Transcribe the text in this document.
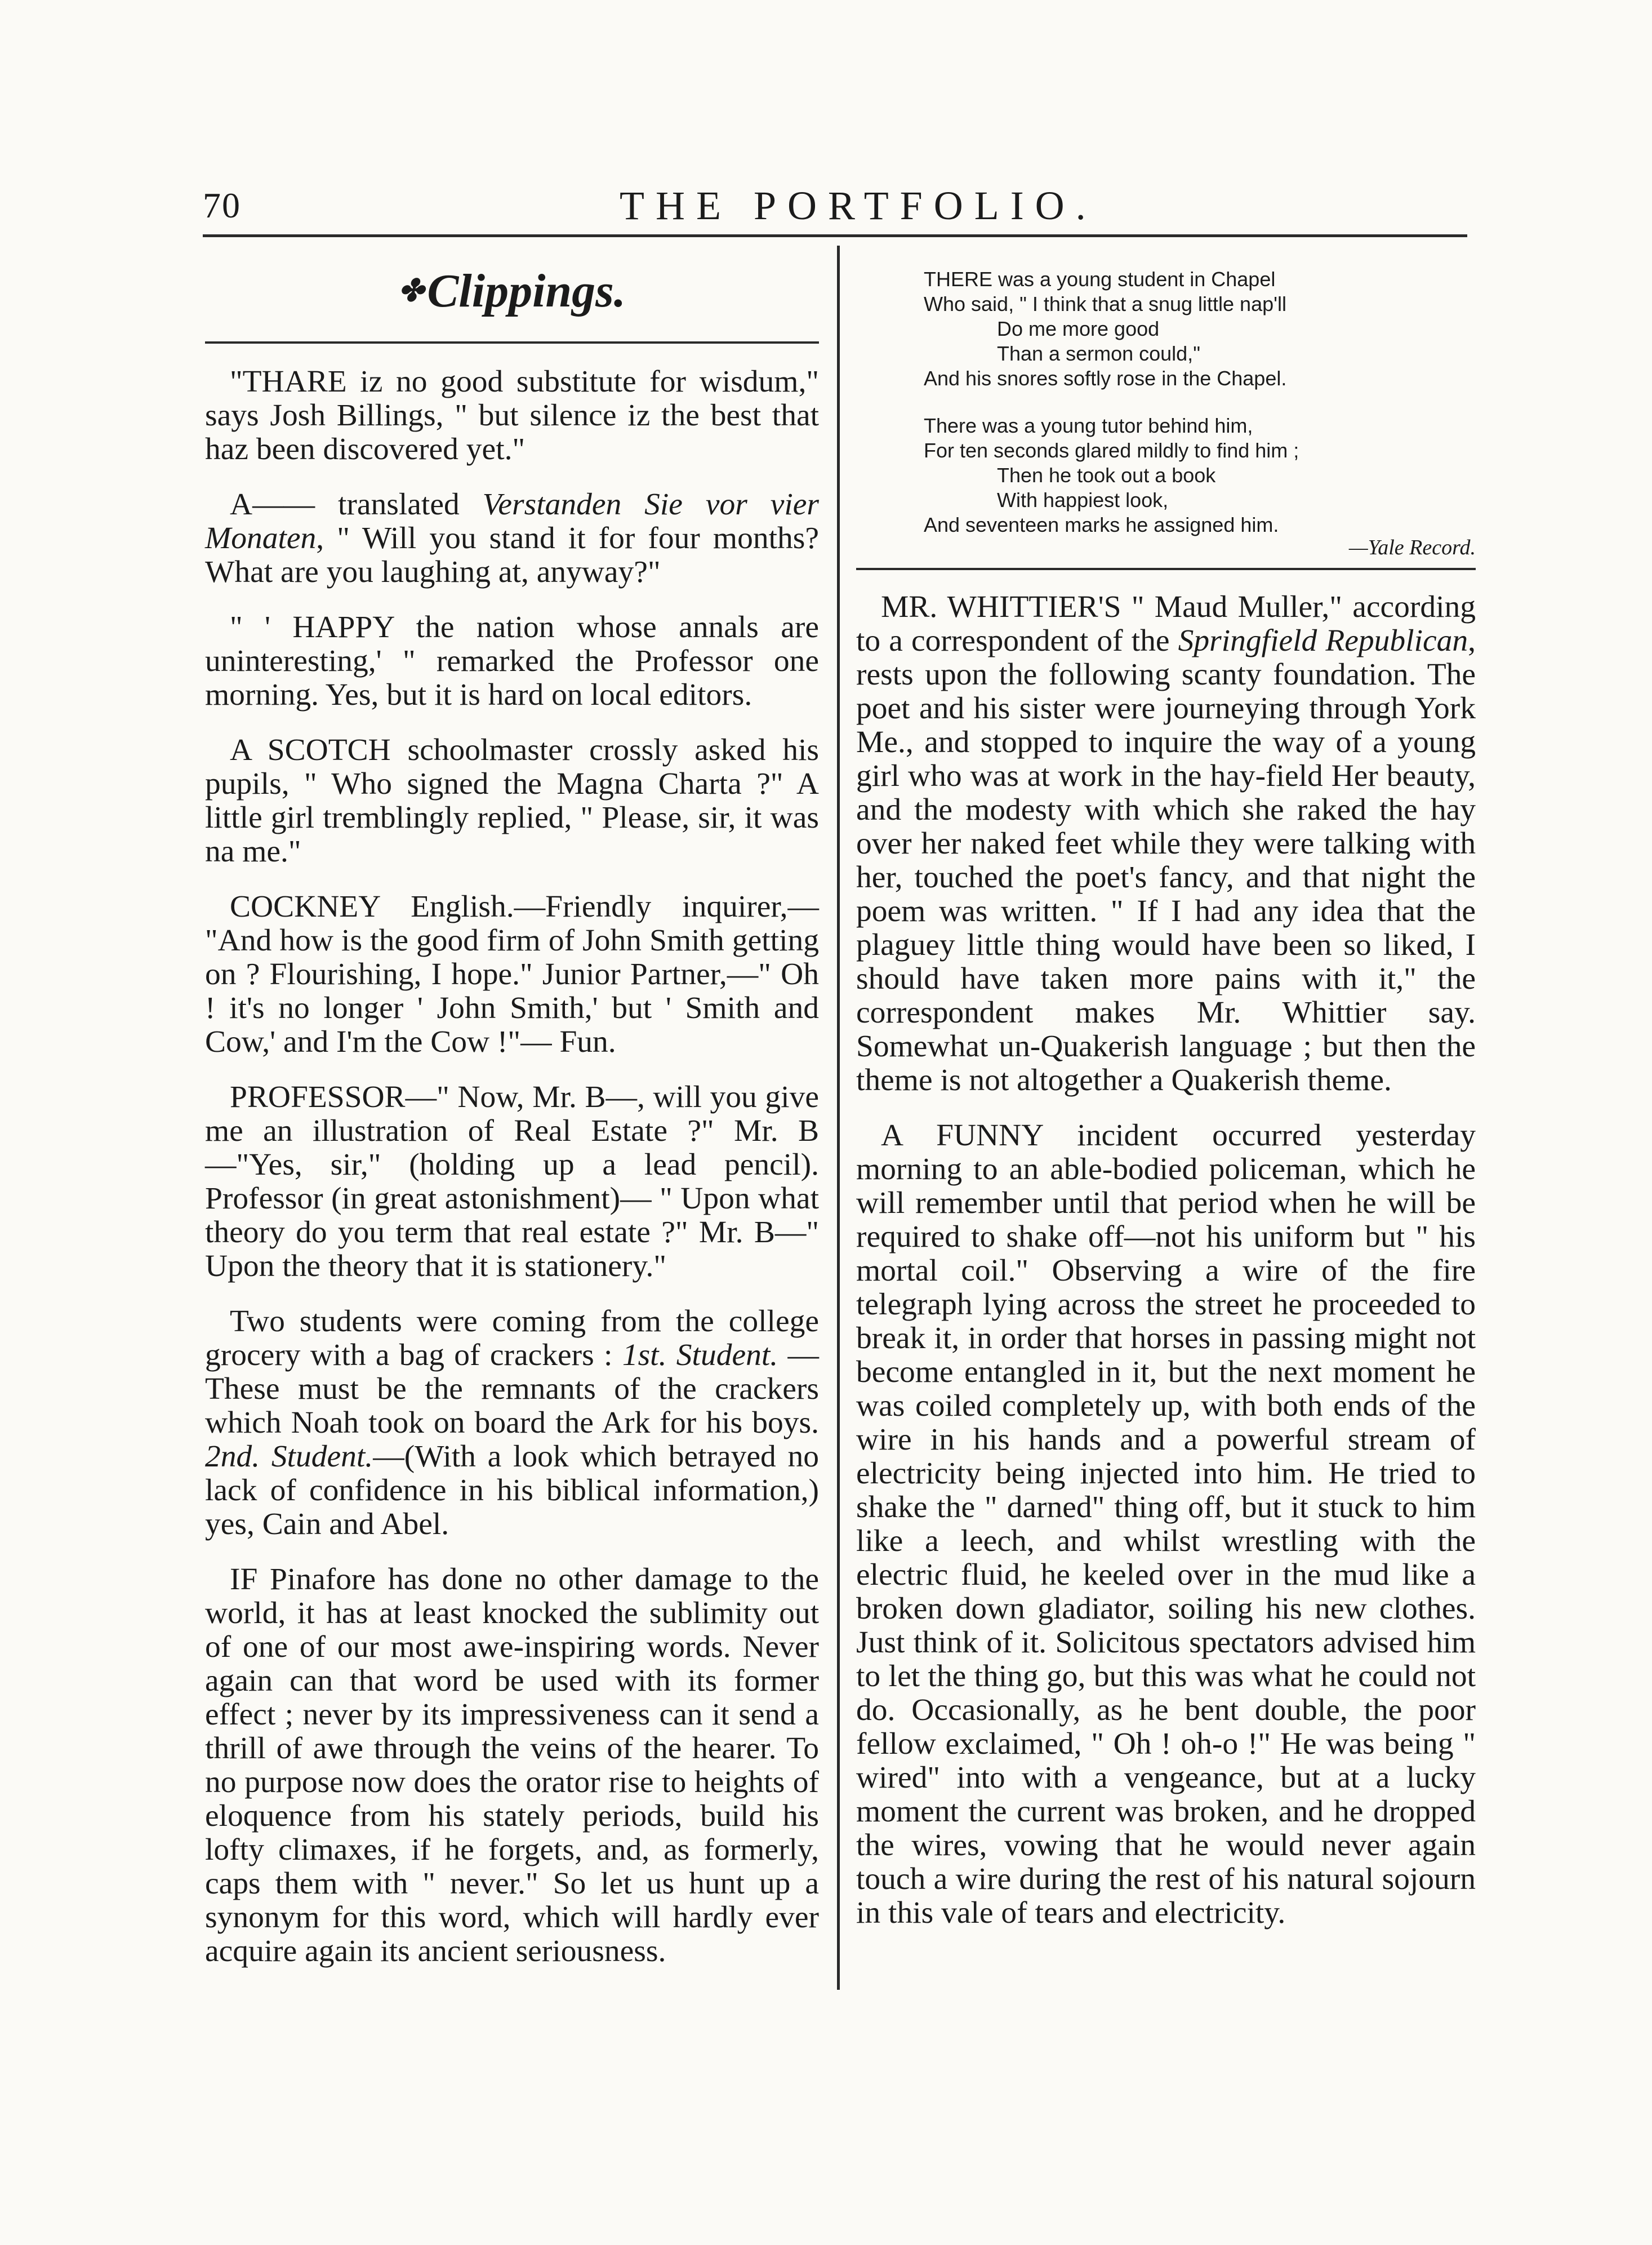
70	THE PORTFOLIO.
✤Clippings.

"THARE iz no good substitute for wisdum," says Josh Billings, " but silence iz the best that haz been discovered yet."

A—— translated Verstanden Sie vor vier Monaten, " Will you stand it for four months? What are you laughing at, anyway?"

" ' HAPPY the nation whose annals are uninteresting,' " remarked the Professor one morning. Yes, but it is hard on local editors.

A SCOTCH schoolmaster crossly asked his pupils, " Who signed the Magna Charta ?" A little girl tremblingly replied, " Please, sir, it was na me."

COCKNEY English.—Friendly inquirer,— "And how is the good firm of John Smith getting on ? Flourishing, I hope." Junior Partner,—" Oh ! it's no longer ' John Smith,' but ' Smith and Cow,' and I'm the Cow !"— Fun.

PROFESSOR—" Now, Mr. B—, will you give me an illustration of Real Estate ?" Mr. B—"Yes, sir," (holding up a lead pencil). Professor (in great astonishment)— " Upon what theory do you term that real estate ?" Mr. B—" Upon the theory that it is stationery."

Two students were coming from the college grocery with a bag of crackers : 1st. Student. —These must be the remnants of the crackers which Noah took on board the Ark for his boys. 2nd. Student.—(With a look which betrayed no lack of confidence in his biblical information,) yes, Cain and Abel.

IF Pinafore has done no other damage to the world, it has at least knocked the sublimity out of one of our most awe-inspiring words. Never again can that word be used with its former effect ; never by its impressiveness can it send a thrill of awe through the veins of the hearer. To no purpose now does the orator rise to heights of eloquence from his stately periods, build his lofty climaxes, if he forgets, and, as formerly, caps them with " never." So let us hunt up a synonym for this word, which will hardly ever acquire again its ancient seriousness.

THERE was a young student in Chapel
Who said, " I think that a snug little nap'll
Do me more good
Than a sermon could,"
And his snores softly rose in the Chapel.
There was a young tutor behind him,
For ten seconds glared mildly to find him ;
Then he took out a book
With happiest look,
And seventeen marks he assigned him.
—Yale Record.

MR. WHITTIER'S " Maud Muller," according to a correspondent of the Springfield Republican, rests upon the following scanty foundation. The poet and his sister were journeying through York Me., and stopped to inquire the way of a young girl who was at work in the hay-field Her beauty, and the modesty with which she raked the hay over her naked feet while they were talking with her, touched the poet's fancy, and that night the poem was written. " If I had any idea that the plaguey little thing would have been so liked, I should have taken more pains with it," the correspondent makes Mr. Whittier say. Somewhat un-Quakerish language ; but then the theme is not altogether a Quakerish theme.

A FUNNY incident occurred yesterday morning to an able-bodied policeman, which he will remember until that period when he will be required to shake off—not his uniform but " his mortal coil." Observing a wire of the fire telegraph lying across the street he proceeded to break it, in order that horses in passing might not become entangled in it, but the next moment he was coiled completely up, with both ends of the wire in his hands and a powerful stream of electricity being injected into him. He tried to shake the " darned" thing off, but it stuck to him like a leech, and whilst wrestling with the electric fluid, he keeled over in the mud like a broken down gladiator, soiling his new clothes. Just think of it. Solicitous spectators advised him to let the thing go, but this was what he could not do. Occasionally, as he bent double, the poor fellow exclaimed, " Oh ! oh-o !" He was being " wired" into with a vengeance, but at a lucky moment the current was broken, and he dropped the wires, vowing that he would never again touch a wire during the rest of his natural sojourn in this vale of tears and electricity.
